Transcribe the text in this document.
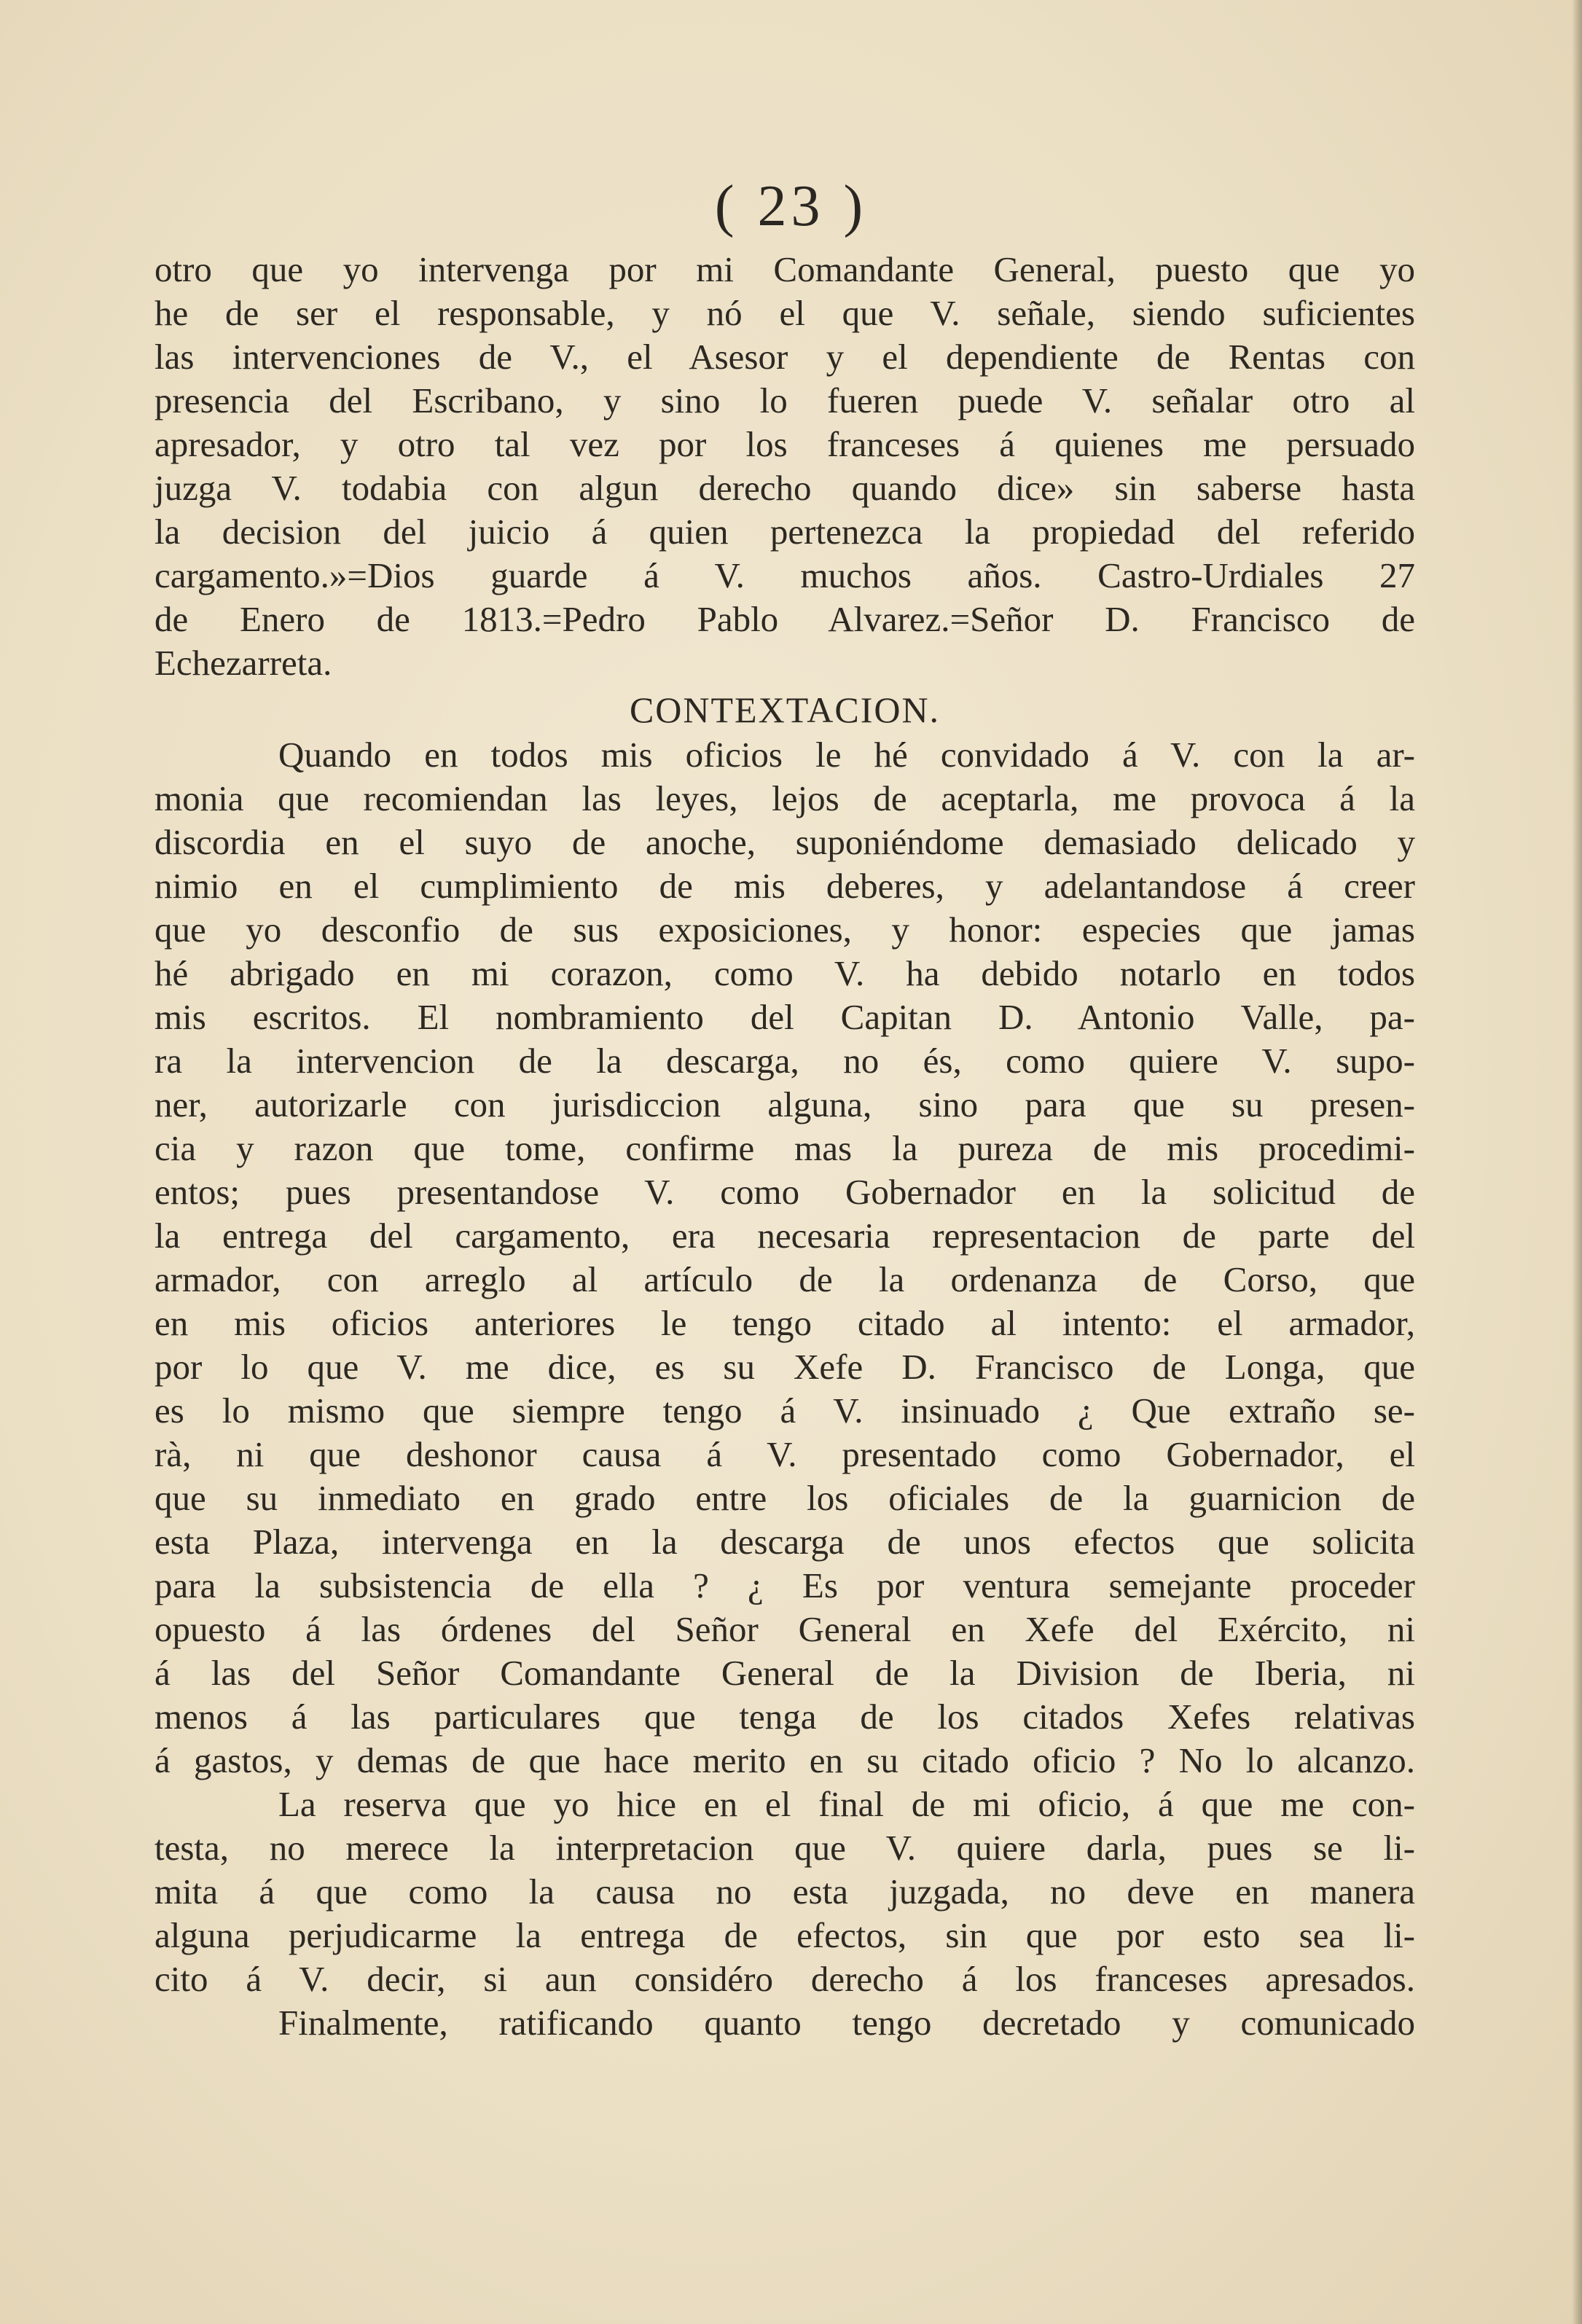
( 23 )
otro que yo intervenga por mi Comandante General, puesto que yo
he de ser el responsable, y nó el que V. señale, siendo suficientes
las intervenciones de V., el Asesor y el dependiente de Rentas con
presencia del Escribano, y sino lo fueren puede V. señalar otro al
apresador, y otro tal vez por los franceses á quienes me persuado
juzga V. todabia con algun derecho quando dice» sin saberse hasta
la decision del juicio á quien pertenezca la propiedad del referido
cargamento.»=Dios guarde á V. muchos años. Castro-Urdiales 27
de Enero de 1813.=Pedro Pablo Alvarez.=Señor D. Francisco de
Echezarreta.
CONTEXTACION.
Quando en todos mis oficios le hé convidado á V. con la ar-
monia que recomiendan las leyes, lejos de aceptarla, me provoca á la
discordia en el suyo de anoche, suponiéndome demasiado delicado y
nimio en el cumplimiento de mis deberes, y adelantandose á creer
que yo desconfio de sus exposiciones, y honor: especies que jamas
hé abrigado en mi corazon, como V. ha debido notarlo en todos
mis escritos. El nombramiento del Capitan D. Antonio Valle, pa-
ra la intervencion de la descarga, no és, como quiere V. supo-
ner, autorizarle con jurisdiccion alguna, sino para que su presen-
cia y razon que tome, confirme mas la pureza de mis procedimi-
entos; pues presentandose V. como Gobernador en la solicitud de
la entrega del cargamento, era necesaria representacion de parte del
armador, con arreglo al artículo de la ordenanza de Corso, que
en mis oficios anteriores le tengo citado al intento: el armador,
por lo que V. me dice, es su Xefe D. Francisco de Longa, que
es lo mismo que siempre tengo á V. insinuado ¿ Que extraño se-
rà, ni que deshonor causa á V. presentado como Gobernador, el
que su inmediato en grado entre los oficiales de la guarnicion de
esta Plaza, intervenga en la descarga de unos efectos que solicita
para la subsistencia de ella ? ¿ Es por ventura semejante proceder
opuesto á las órdenes del Señor General en Xefe del Exército, ni
á las del Señor Comandante General de la Division de Iberia, ni
menos á las particulares que tenga de los citados Xefes relativas
á gastos, y demas de que hace merito en su citado oficio ? No lo alcanzo.
La reserva que yo hice en el final de mi oficio, á que me con-
testa, no merece la interpretacion que V. quiere darla, pues se li-
mita á que como la causa no esta juzgada, no deve en manera
alguna perjudicarme la entrega de efectos, sin que por esto sea li-
cito á V. decir, si aun considéro derecho á los franceses apresados.
Finalmente, ratificando quanto tengo decretado y comunicado
